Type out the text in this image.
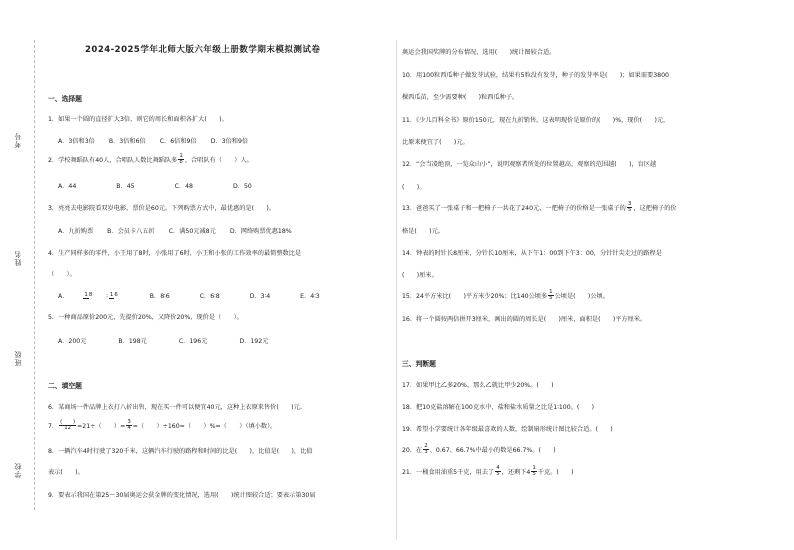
考号
姓名
班级
学校
2024-2025学年北师大版六年级上册数学期末模拟测试卷
一、选择题
1．如果一个圆的直径扩大3倍，则它的周长和面积各扩大(　　)。
A．3倍和3倍 B．3倍和6倍 C．6倍和9倍 D．3倍和9倍
2．学校舞蹈队有40人，合唱队人数比舞蹈队多 $\frac{1}{8}$ ，合唱队有（　　）人。
A．44	B．45	C．48	D．50
3．亮亮去电影院看双岁电影，票价是60元。下列购票方式中，最优惠的是(　　)。
A．九折购票 B．会员卡八五折 C．满50元减8元 D．网络购票优惠18%
4．生产同样多的零件，小王用了8时，小张用了6时，小王和小张的工作效率的最简整数比是
（　　）。
A．	18 ∶ 16	B．8∶6	C．6∶8	D．3∶4	E．4∶3
5．一种商品原价200元，先提价20%，又降价20%，现价是（　　）。
A．200元	B．198元	C．196元	D．192元
二、填空题
6．某商场一件品牌上衣打八折出售，现在买一件可以便宜40元，这种上衣原来售价(　　)元。
7． $\frac{( )}{12} =21\div$（　　）= $\frac{3}{4}$ =（　　）÷160=（　　）%=（　　）（填小数）。
8．一辆汽车4时行驶了320千米，这辆汽车行驶的路程和时间的比是(　　)，比值是(　　)，比值
表示(　　)。
9．要表示我国在第25～30届奥运会获金牌的变化情况，选用(　　)统计图较合适；要表示第30届
奥运会我国奖牌的分布情况，选用(　　)统计图较合适。
10．用100粒西瓜种子做发芽试验，结果有5粒没有发芽，种子的发芽率是(　　)；如果需要3800
棵西瓜苗，至少需要种(　　)粒西瓜种子。
11．《少儿百科全书》原价150元，现在九折销售。这表明现价是原价的(　　)%，现价(　　)元，
比原来便宜了(　　)元。
12．“会当凌绝顶，一览众山小”，说明观察者所处的位置越高，观察的范围越(　　)，盲区越
(　　)。
13．爸爸买了一张桌子和一把椅子一共花了240元，一把椅子的价格是一张桌子的 $\frac{3}{5}$ ，这把椅子的价
格是(　　)元。
14．钟表的时针长8厘米，分针长10厘米，从下午1：00到下午3：00，分针针尖走过的路程是
(　　)厘米。
15．24平方米比(　　)平方米少20%；比140公顷多 $\frac{1}{5}$ 公顷是(　　)公顷。
16．将一个圆按两倍拼开3厘米，画出的圆的周长是(　　)厘米，面积是(　　)平方厘米。
三、判断题
17．如果甲比乙多20%，那么乙就比甲少20%。(　　)
18．把10克盐溶解在100克水中，盐和盐水质量之比是1∶100。(　　)
19．希望小学要统计各年级最喜欢的人数，绘制扇形统计图比较合适。(　　)
20．在 $\frac{2}{3}$ 、0.67、66.7%中最小的数是66.7%。(　　)
21．一桶食用油重5千克，用去了 $\frac{4}{5}$ ，还剩下$4 \frac{1}{5}$ 千克。(　　)
